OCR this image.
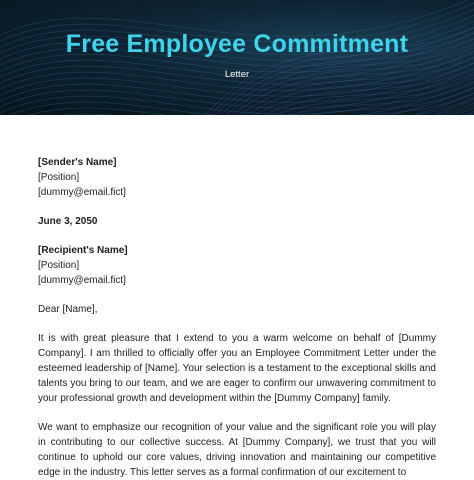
Free Employee Commitment
Letter
[Sender's Name]
[Position]
[dummy@email.fict]
June 3, 2050
[Recipient's Name]
[Position]
[dummy@email.fict]
Dear [Name],

It is with great pleasure that I extend to you a warm welcome on behalf of [Dummy Company]. I am thrilled to officially offer you an Employee Commitment Letter under the esteemed leadership of [Name]. Your selection is a testament to the exceptional skills and talents you bring to our team, and we are eager to confirm our unwavering commitment to your professional growth and development within the [Dummy Company] family.

We want to emphasize our recognition of your value and the significant role you will play in contributing to our collective success. At [Dummy Company], we trust that you will continue to uphold our core values, driving innovation and maintaining our competitive edge in the industry. This letter serves as a formal confirmation of our excitement to
